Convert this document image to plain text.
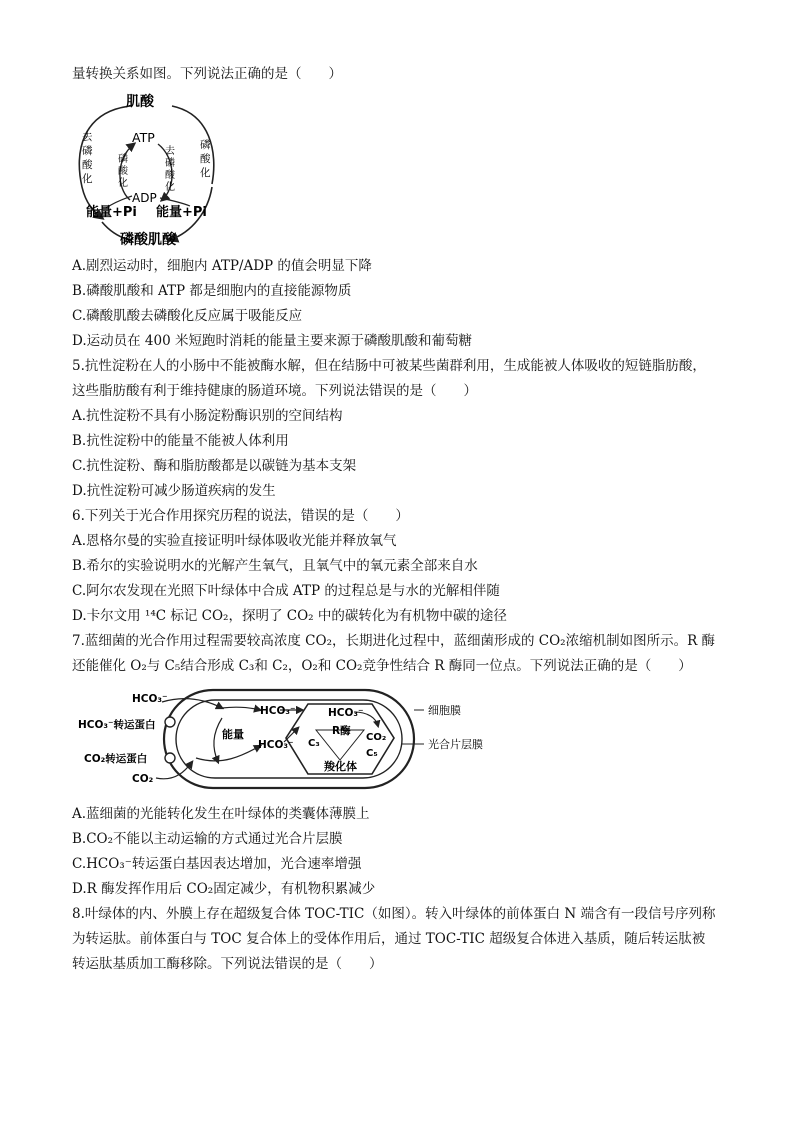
量转换关系如图。下列说法正确的是（　　）
肌酸
ATP
ADP
能量+Pi 能量+Pi
磷酸肌酸
去
磷
酸
化
磷
酸
化
磷
酸
化
去
磷
酸
化
A.剧烈运动时，细胞内 ATP/ADP 的值会明显下降
B.磷酸肌酸和 ATP 都是细胞内的直接能源物质
C.磷酸肌酸去磷酸化反应属于吸能反应
D.运动员在 400 米短跑时消耗的能量主要来源于磷酸肌酸和葡萄糖
5.抗性淀粉在人的小肠中不能被酶水解，但在结肠中可被某些菌群利用，生成能被人体吸收的短链脂肪酸，
这些脂肪酸有利于维持健康的肠道环境。下列说法错误的是（　　）
A.抗性淀粉不具有小肠淀粉酶识别的空间结构
B.抗性淀粉中的能量不能被人体利用
C.抗性淀粉、酶和脂肪酸都是以碳链为基本支架
D.抗性淀粉可减少肠道疾病的发生
6.下列关于光合作用探究历程的说法，错误的是（　　）
A.恩格尔曼的实验直接证明叶绿体吸收光能并释放氧气
B.希尔的实验说明水的光解产生氧气，且氧气中的氧元素全部来自水
C.阿尔农发现在光照下叶绿体中合成 ATP 的过程总是与水的光解相伴随
D.卡尔文用 ¹⁴C 标记 CO₂，探明了 CO₂ 中的碳转化为有机物中碳的途径
7.蓝细菌的光合作用过程需要较高浓度 CO₂，长期进化过程中，蓝细菌形成的 CO₂浓缩机制如图所示。R 酶
还能催化 O₂与 C₅结合形成 C₃和 C₂，O₂和 CO₂竞争性结合 R 酶同一位点。下列说法正确的是（　　）
HCO₃⁻
HCO₃⁻转运蛋白
CO₂转运蛋白
CO₂
能量
HCO₃⁻
HCO₃⁻
HCO₃⁻
R酶
CO₂
C₃
C₅
羧化体
细胞膜
光合片层膜
A.蓝细菌的光能转化发生在叶绿体的类囊体薄膜上
B.CO₂不能以主动运输的方式通过光合片层膜
C.HCO₃⁻转运蛋白基因表达增加，光合速率增强
D.R 酶发挥作用后 CO₂固定减少，有机物积累减少
8.叶绿体的内、外膜上存在超级复合体 TOC-TIC（如图）。转入叶绿体的前体蛋白 N 端含有一段信号序列称
为转运肽。前体蛋白与 TOC 复合体上的受体作用后，通过 TOC-TIC 超级复合体进入基质，随后转运肽被
转运肽基质加工酶移除。下列说法错误的是（　　）
